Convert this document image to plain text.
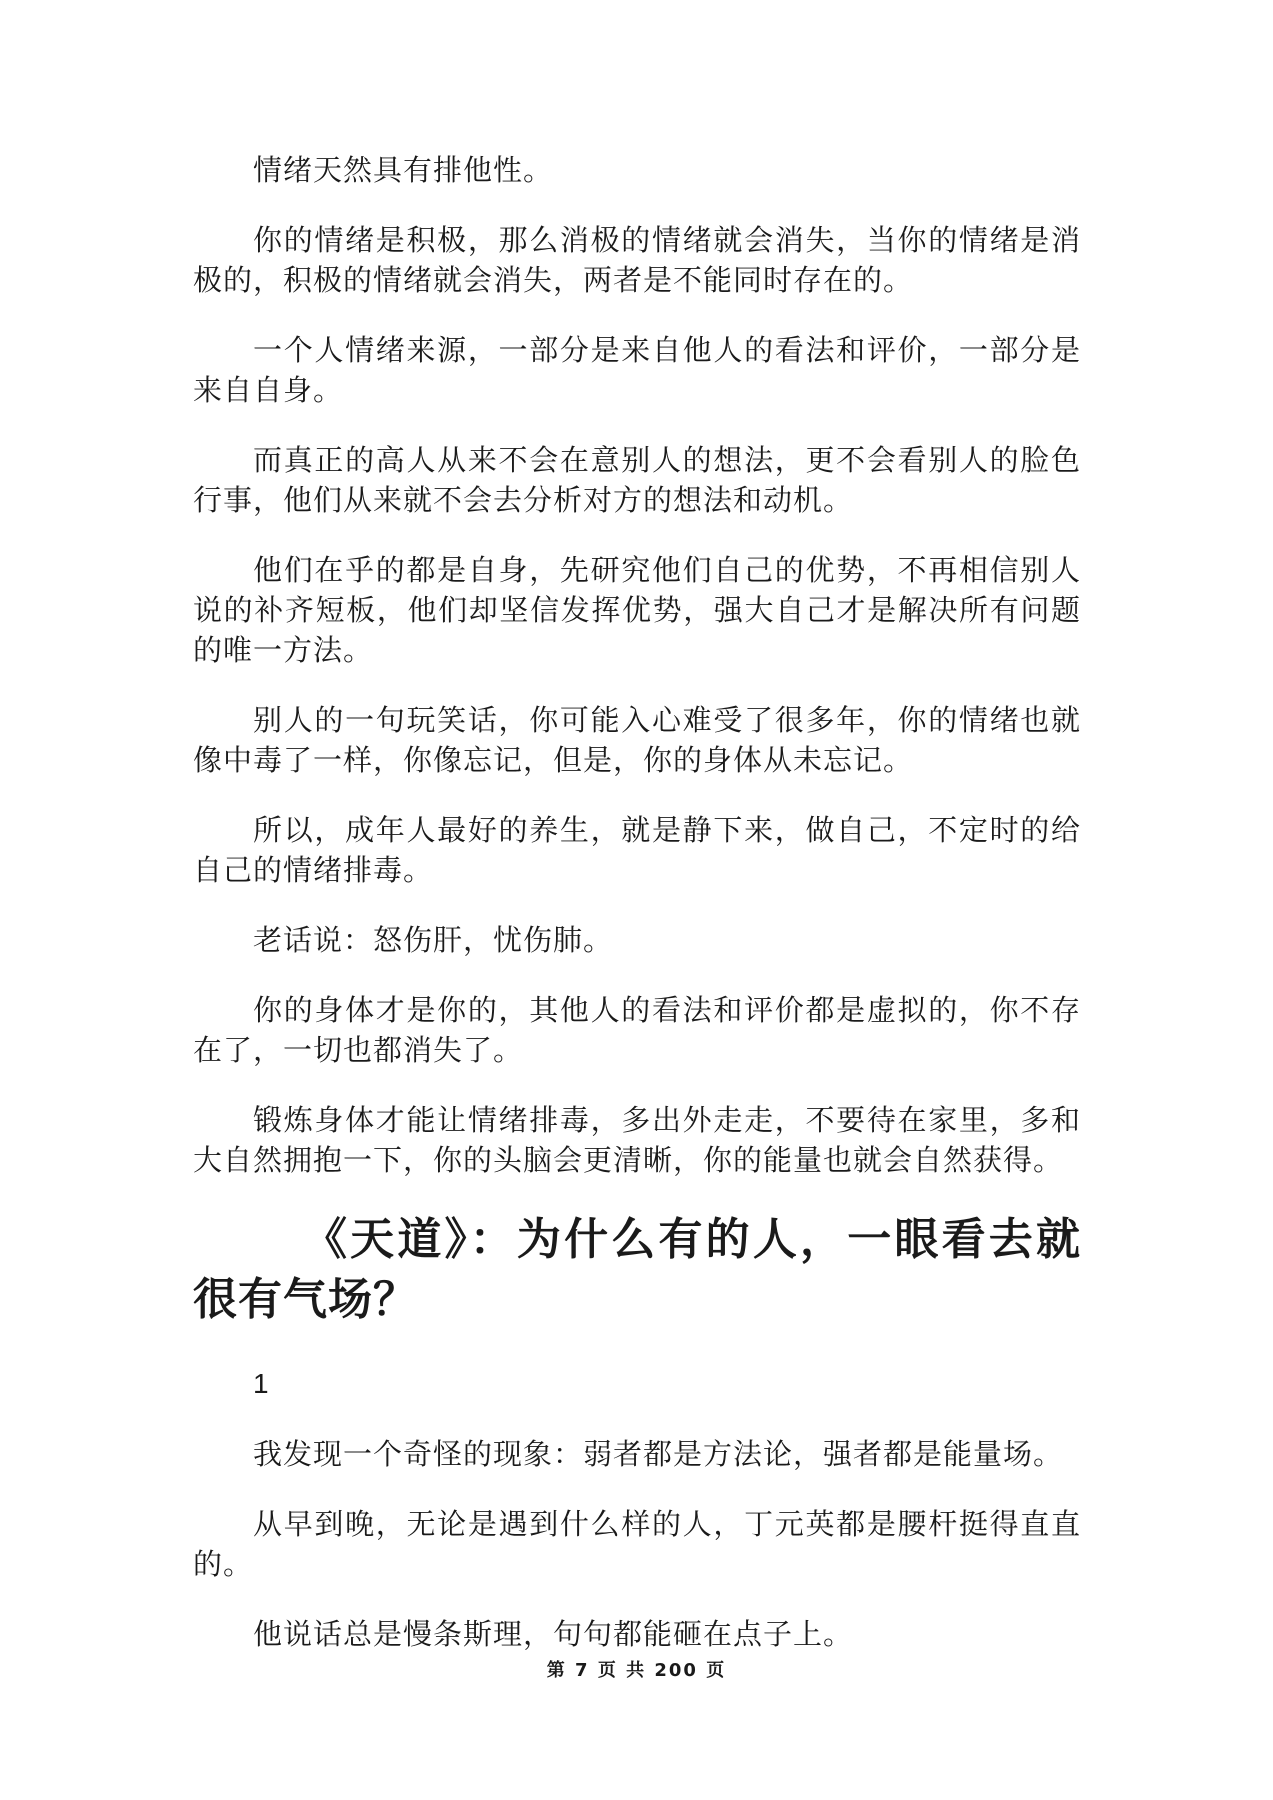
情绪天然具有排他性。

你的情绪是积极，那么消极的情绪就会消失，当你的情绪是消极的，积极的情绪就会消失，两者是不能同时存在的。

一个人情绪来源，一部分是来自他人的看法和评价，一部分是来自自身。

而真正的高人从来不会在意别人的想法，更不会看别人的脸色行事，他们从来就不会去分析对方的想法和动机。

他们在乎的都是自身，先研究他们自己的优势，不再相信别人说的补齐短板，他们却坚信发挥优势，强大自己才是解决所有问题的唯一方法。

别人的一句玩笑话，你可能入心难受了很多年，你的情绪也就像中毒了一样，你像忘记，但是，你的身体从未忘记。

所以，成年人最好的养生，就是静下来，做自己，不定时的给自己的情绪排毒。

老话说：怒伤肝，忧伤肺。

你的身体才是你的，其他人的看法和评价都是虚拟的，你不存在了，一切也都消失了。

锻炼身体才能让情绪排毒，多出外走走，不要待在家里，多和大自然拥抱一下，你的头脑会更清晰，你的能量也就会自然获得。

《天道》：为什么有的人，一眼看去就很有气场？

1

我发现一个奇怪的现象：弱者都是方法论，强者都是能量场。

从早到晚，无论是遇到什么样的人，丁元英都是腰杆挺得直直的。

他说话总是慢条斯理，句句都能砸在点子上。

第 7 页 共 200 页
